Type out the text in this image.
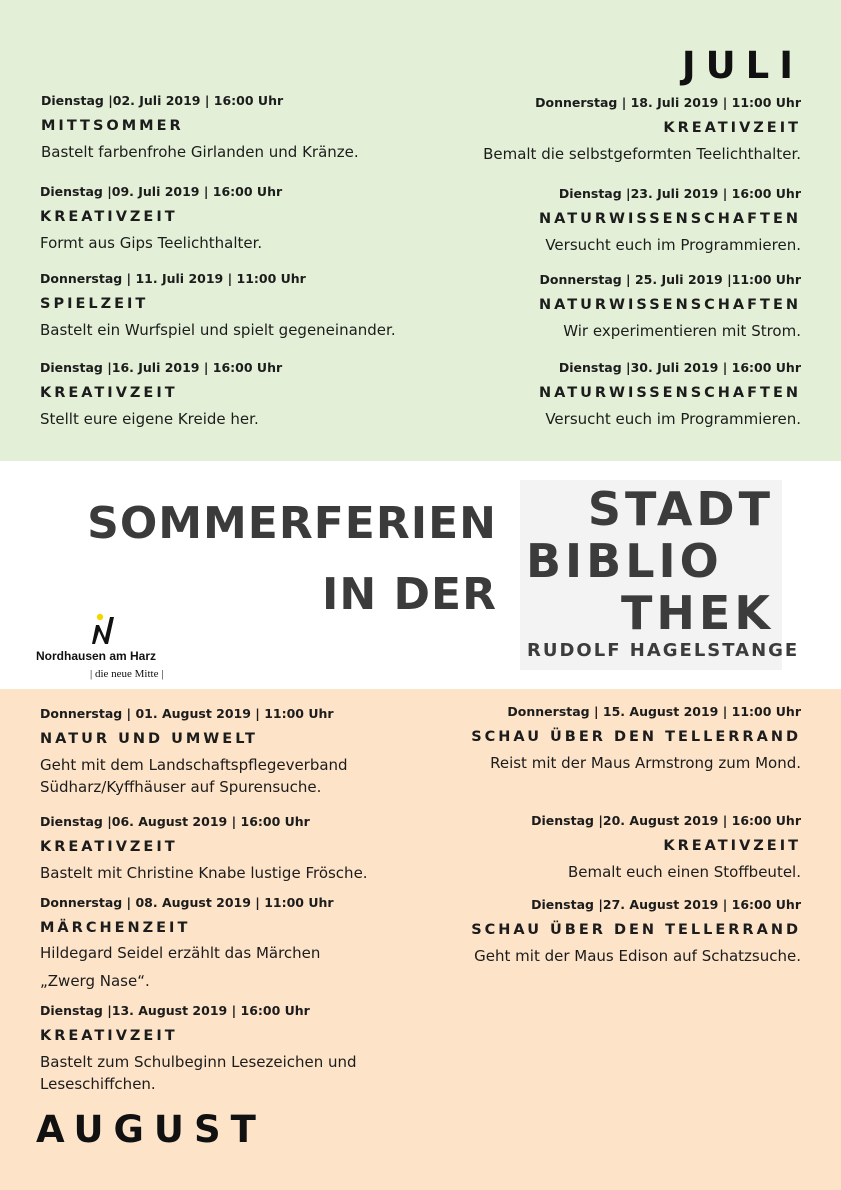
JULI
Dienstag |02. Juli 2019 | 16:00 Uhr
MITTSOMMER
Bastelt farbenfrohe Girlanden und Kränze.
Dienstag |09. Juli 2019 | 16:00 Uhr
KREATIVZEIT
Formt aus Gips Teelichthalter.
Donnerstag | 11. Juli 2019 | 11:00 Uhr
SPIELZEIT
Bastelt ein Wurfspiel und spielt gegeneinander.
Dienstag |16. Juli 2019 | 16:00 Uhr
KREATIVZEIT
Stellt eure eigene Kreide her.
Donnerstag | 18. Juli 2019 | 11:00 Uhr
KREATIVZEIT
Bemalt die selbstgeformten Teelichthalter.
Dienstag |23. Juli 2019 | 16:00 Uhr
NATURWISSENSCHAFTEN
Versucht euch im Programmieren.
Donnerstag | 25. Juli 2019 |11:00 Uhr
NATURWISSENSCHAFTEN
Wir experimentieren mit Strom.
Dienstag |30. Juli 2019 | 16:00 Uhr
NATURWISSENSCHAFTEN
Versucht euch im Programmieren.
SOMMERFERIEN
IN DER
STADT
BIBLIO
THEK
RUDOLF HAGELSTANGE
Nordhausen am Harz
| die neue Mitte |
Donnerstag | 01. August 2019 | 11:00 Uhr
NATUR UND UMWELT
Geht mit dem Landschaftspflegeverband
Südharz/Kyffhäuser auf Spurensuche.
Dienstag |06. August 2019 | 16:00 Uhr
KREATIVZEIT
Bastelt mit Christine Knabe lustige Frösche.
Donnerstag | 08. August 2019 | 11:00 Uhr
MÄRCHENZEIT
Hildegard Seidel erzählt das Märchen
„Zwerg Nase“.
Dienstag |13. August 2019 | 16:00 Uhr
KREATIVZEIT
Bastelt zum Schulbeginn Lesezeichen und
Leseschiffchen.
Donnerstag | 15. August 2019 | 11:00 Uhr
SCHAU ÜBER DEN TELLERRAND
Reist mit der Maus Armstrong zum Mond.
Dienstag |20. August 2019 | 16:00 Uhr
KREATIVZEIT
Bemalt euch einen Stoffbeutel.
Dienstag |27. August 2019 | 16:00 Uhr
SCHAU ÜBER DEN TELLERRAND
Geht mit der Maus Edison auf Schatzsuche.
AUGUST
